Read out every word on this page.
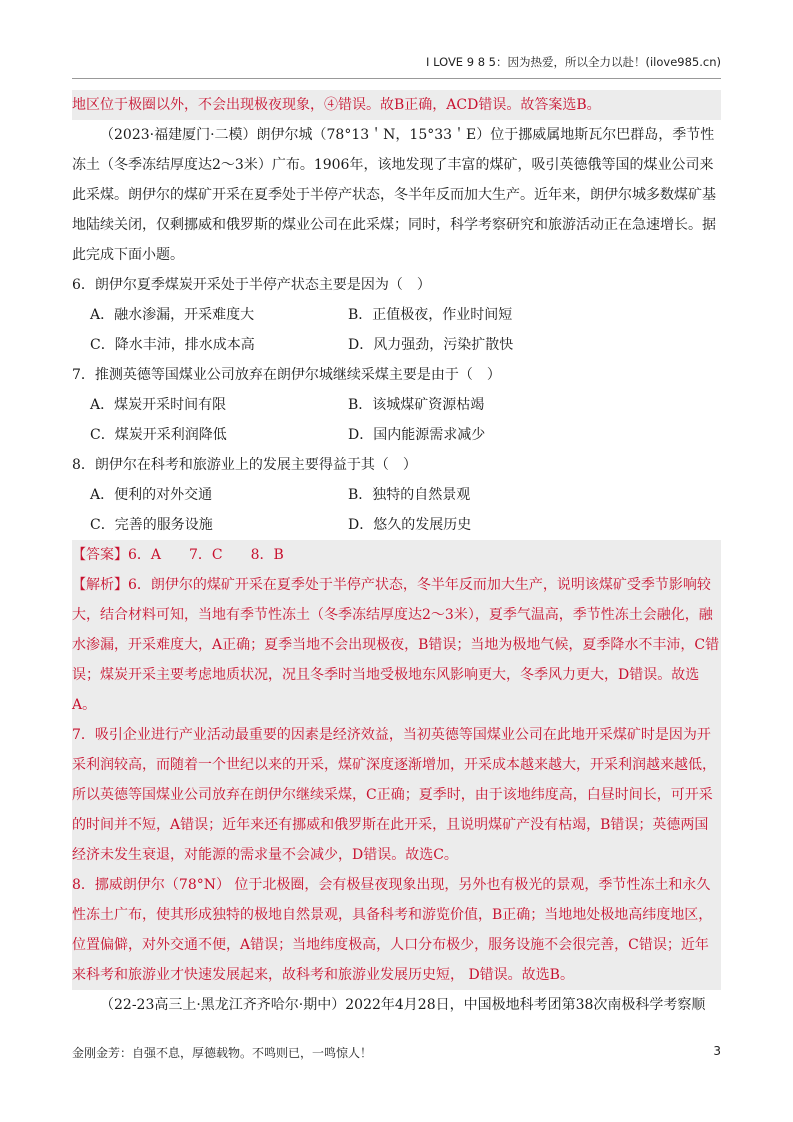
I LOVE 9 8 5：因为热爱，所以全力以赴！(ilove985.cn)

地区位于极圈以外，不会出现极夜现象，④错误。故B正确，ACD错误。故答案选B。

（2023·福建厦门·二模）朗伊尔城（78°13＇N，15°33＇E）位于挪威属地斯瓦尔巴群岛，季节性冻土（冬季冻结厚度达2～3米）广布。1906年，该地发现了丰富的煤矿，吸引英德俄等国的煤业公司来此采煤。朗伊尔的煤矿开采在夏季处于半停产状态，冬半年反而加大生产。近年来，朗伊尔城多数煤矿基地陆续关闭，仅剩挪威和俄罗斯的煤业公司在此采煤；同时，科学考察研究和旅游活动正在急速增长。据此完成下面小题。

6．朗伊尔夏季煤炭开采处于半停产状态主要是因为（　）

A．融水渗漏，开采难度大	B．正值极夜，作业时间短
C．降水丰沛，排水成本高	D．风力强劲，污染扩散快

7．推测英德等国煤业公司放弃在朗伊尔城继续采煤主要是由于（　）

A．煤炭开采时间有限	B．该城煤矿资源枯竭
C．煤炭开采利润降低	D．国内能源需求减少

8．朗伊尔在科考和旅游业上的发展主要得益于其（　）

A．便利的对外交通	B．独特的自然景观
C．完善的服务设施	D．悠久的发展历史

【答案】6．A　　7．C　　8．B

【解析】6．朗伊尔的煤矿开采在夏季处于半停产状态，冬半年反而加大生产，说明该煤矿受季节影响较大，结合材料可知，当地有季节性冻土（冬季冻结厚度达2～3米），夏季气温高，季节性冻土会融化，融水渗漏，开采难度大，A正确；夏季当地不会出现极夜，B错误；当地为极地气候，夏季降水不丰沛，C错误；煤炭开采主要考虑地质状况，况且冬季时当地受极地东风影响更大，冬季风力更大，D错误。故选A。

7．吸引企业进行产业活动最重要的因素是经济效益，当初英德等国煤业公司在此地开采煤矿时是因为开采利润较高，而随着一个世纪以来的开采，煤矿深度逐渐增加，开采成本越来越大，开采利润越来越低，所以英德等国煤业公司放弃在朗伊尔继续采煤，C正确；夏季时，由于该地纬度高，白昼时间长，可开采的时间并不短，A错误；近年来还有挪威和俄罗斯在此开采，且说明煤矿产没有枯竭，B错误；英德两国经济未发生衰退，对能源的需求量不会减少，D错误。故选C。

8．挪威朗伊尔（78°N） 位于北极圈，会有极昼夜现象出现，另外也有极光的景观，季节性冻土和永久性冻土广布，使其形成独特的极地自然景观，具备科考和游览价值，B正确；当地地处极地高纬度地区，位置偏僻，对外交通不便，A错误；当地纬度极高，人口分布极少，服务设施不会很完善，C错误；近年来科考和旅游业才快速发展起来，故科考和旅游业发展历史短， D错误。故选B。

（22-23高三上·黑龙江齐齐哈尔·期中）2022年4月28日，中国极地科考团第38次南极科学考察顺

金刚金芳：自强不息，厚德载物。不鸣则已，一鸣惊人！	3
